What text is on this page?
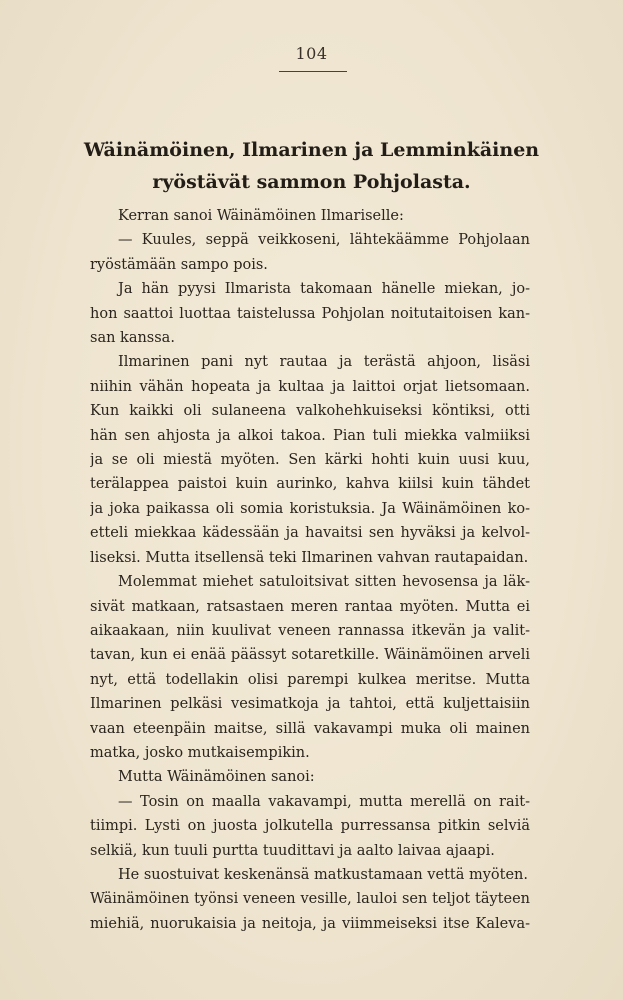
104
Wäinämöinen, Ilmarinen ja Lemminkäinen
ryöstävät sammon Pohjolasta.

Kerran sanoi Wäinämöinen Ilmariselle:

— Kuules, seppä veikkoseni, lähtekäämme Pohjolaan

ryöstämään sampo pois.

Ja hän pyysi Ilmarista takomaan hänelle miekan, jo-

hon saattoi luottaa taistelussa Pohjolan noitutaitoisen kan-

san kanssa.

Ilmarinen pani nyt rautaa ja terästä ahjoon, lisäsi

niihin vähän hopeata ja kultaa ja laittoi orjat lietsomaan.

Kun kaikki oli sulaneena valkohehkuiseksi köntiksi, otti

hän sen ahjosta ja alkoi takoa. Pian tuli miekka valmiiksi

ja se oli miestä myöten. Sen kärki hohti kuin uusi kuu,

terälappea paistoi kuin aurinko, kahva kiilsi kuin tähdet

ja joka paikassa oli somia koristuksia. Ja Wäinämöinen ko-

etteli miekkaa kädessään ja havaitsi sen hyväksi ja kelvol-

liseksi. Mutta itsellensä teki Ilmarinen vahvan rautapaidan.

Molemmat miehet satuloitsivat sitten hevosensa ja läk-

sivät matkaan, ratsastaen meren rantaa myöten. Mutta ei

aikaakaan, niin kuulivat veneen rannassa itkevän ja valit-

tavan, kun ei enää päässyt sotaretkille. Wäinämöinen arveli

nyt, että todellakin olisi parempi kulkea meritse. Mutta

Ilmarinen pelkäsi vesimatkoja ja tahtoi, että kuljettaisiin

vaan eteenpäin maitse, sillä vakavampi muka oli mainen

matka, josko mutkaisempikin.

Mutta Wäinämöinen sanoi:

— Tosin on maalla vakavampi, mutta merellä on rait-

tiimpi. Lysti on juosta jolkutella purressansa pitkin selviä

selkiä, kun tuuli purtta tuudittavi ja aalto laivaa ajaapi.

He suostuivat keskenänsä matkustamaan vettä myöten.

Wäinämöinen työnsi veneen vesille, lauloi sen teljot täyteen

miehiä, nuorukaisia ja neitoja, ja viimmeiseksi itse Kaleva-
